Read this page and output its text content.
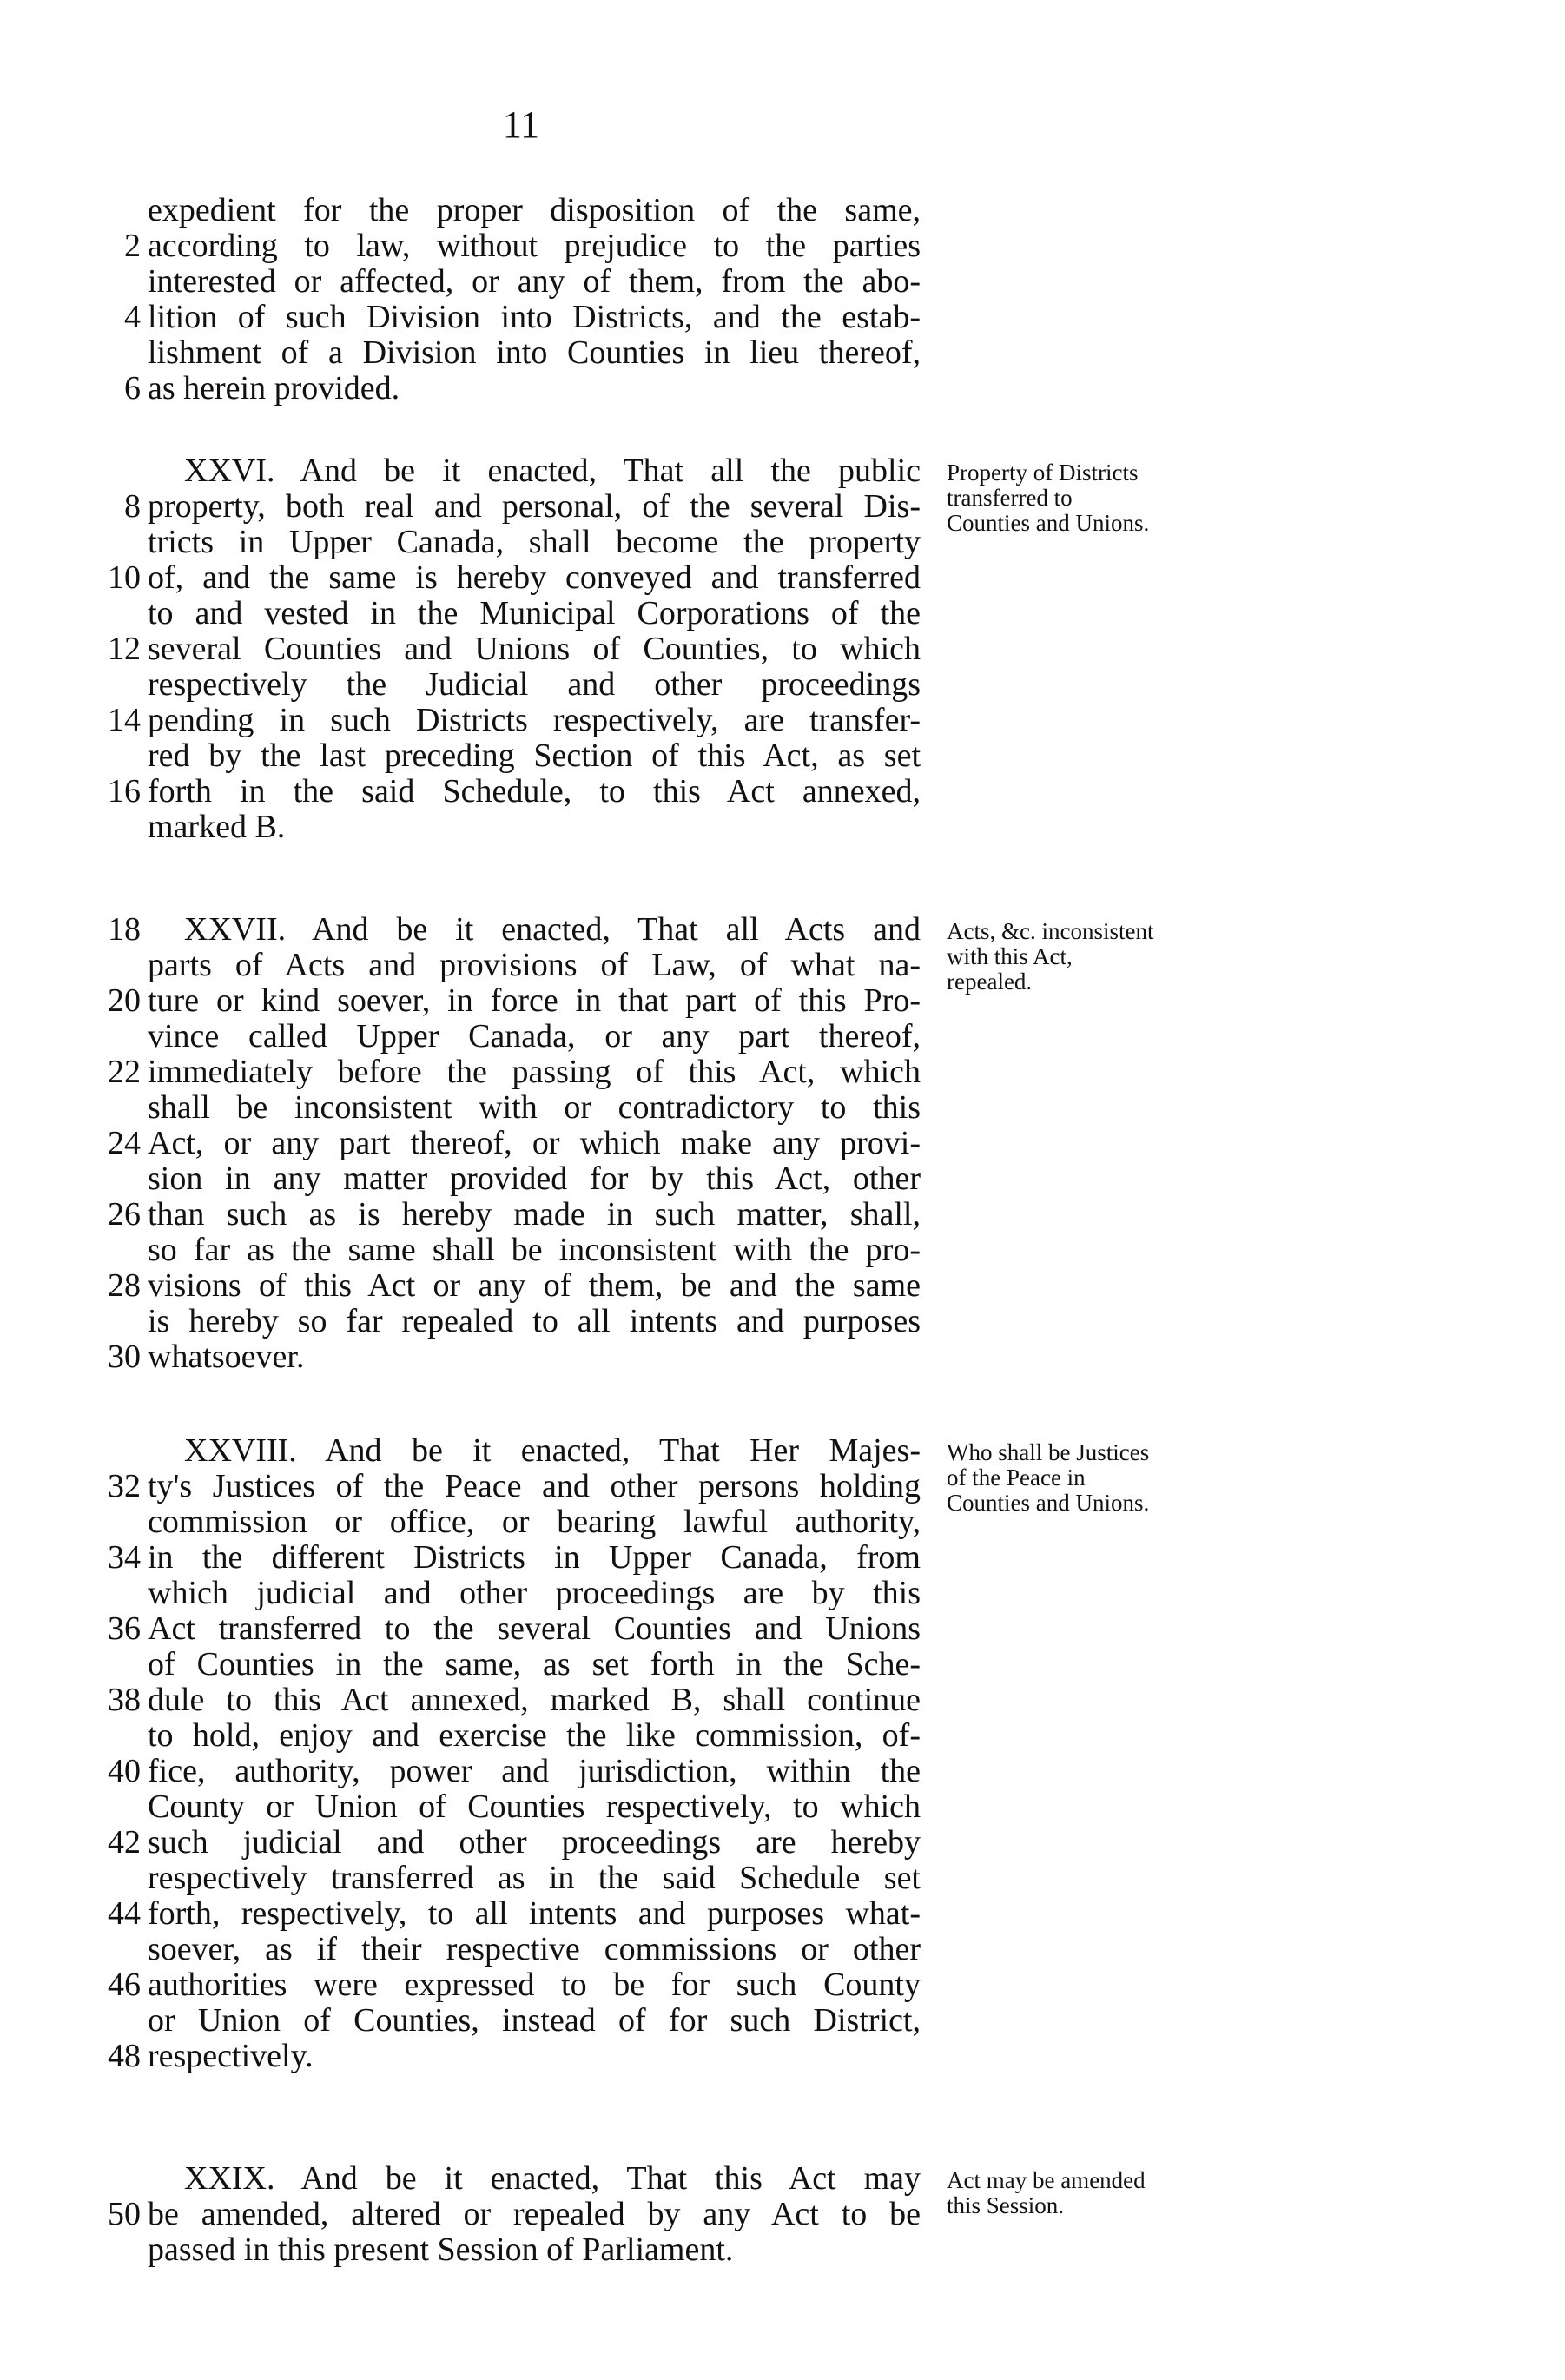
11
expedient for the proper disposition of the same,
2 according to law, without prejudice to the parties
interested or affected, or any of them, from the abo-
4 lition of such Division into Districts, and the estab-
lishment of a Division into Counties in lieu thereof,
6 as herein provided.
XXVI. And be it enacted, That all the public
8 property, both real and personal, of the several Dis-
tricts in Upper Canada, shall become the property
10 of, and the same is hereby conveyed and transferred
to and vested in the Municipal Corporations of the
12 several Counties and Unions of Counties, to which
respectively the Judicial and other proceedings
14 pending in such Districts respectively, are transfer-
red by the last preceding Section of this Act, as set
16 forth in the said Schedule, to this Act annexed,
marked B.
Property of Districts transferred to Counties and Unions.
18 XXVII. And be it enacted, That all Acts and
parts of Acts and provisions of Law, of what na-
20 ture or kind soever, in force in that part of this Pro-
vince called Upper Canada, or any part thereof,
22 immediately before the passing of this Act, which
shall be inconsistent with or contradictory to this
24 Act, or any part thereof, or which make any provi-
sion in any matter provided for by this Act, other
26 than such as is hereby made in such matter, shall,
so far as the same shall be inconsistent with the pro-
28 visions of this Act or any of them, be and the same
is hereby so far repealed to all intents and purposes
30 whatsoever.
Acts, &c. inconsistent with this Act, repealed.
XXVIII. And be it enacted, That Her Majes-
32 ty's Justices of the Peace and other persons holding
commission or office, or bearing lawful authority,
34 in the different Districts in Upper Canada, from
which judicial and other proceedings are by this
36 Act transferred to the several Counties and Unions
of Counties in the same, as set forth in the Sche-
38 dule to this Act annexed, marked B, shall continue
to hold, enjoy and exercise the like commission, of-
40 fice, authority, power and jurisdiction, within the
County or Union of Counties respectively, to which
42 such judicial and other proceedings are hereby
respectively transferred as in the said Schedule set
44 forth, respectively, to all intents and purposes what-
soever, as if their respective commissions or other
46 authorities were expressed to be for such County
or Union of Counties, instead of for such District,
48 respectively.
Who shall be Justices of the Peace in Counties and Unions.
XXIX. And be it enacted, That this Act may
50 be amended, altered or repealed by any Act to be
passed in this present Session of Parliament.
Act may be amended this Session.
